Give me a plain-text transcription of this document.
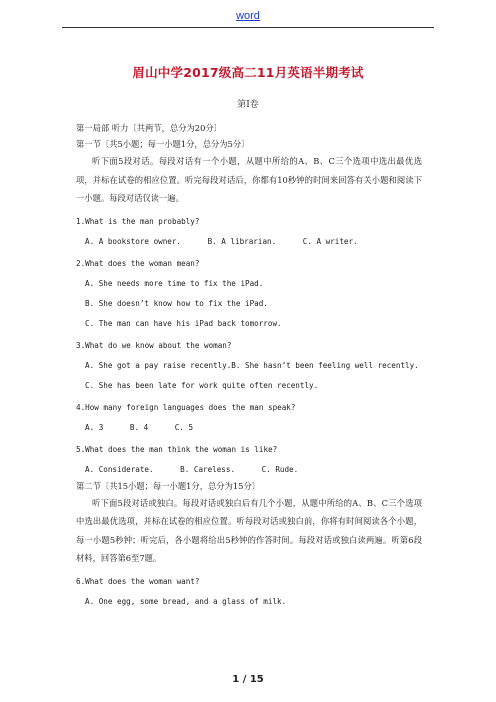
word
眉山中学2017级高二11月英语半期考试
第Ⅰ卷
第一局部 听力〔共两节，总分为20分〕
第一节〔共5小题；每一小题1分，总分为5分〕
听下面5段对话。每段对话有一个小题，从题中所给的A、B、C三个选项中选出最优选项，并标在试卷的相应位置。听完每段对话后，你都有10秒钟的时间来回答有关小题和阅读下一小题。每段对话仅读一遍。
1.What is the man probably?
A. A bookstore owner.	B. A librarian.	C. A writer.
2.What does the woman mean?
A. She needs more time to fix the iPad.
B. She doesn’t know how to fix the iPad.
C. The man can have his iPad back tomorrow.
3.What do we know about the woman?
A. She got a pay raise recently.B. She hasn’t been feeling well recently.
C. She has been late for work quite often recently.
4.How many foreign languages does the man speak?
A. 3	B. 4	C. 5
5.What does the man think the woman is like?
A. Considerate.	B. Careless.	C. Rude.
第二节〔共15小题；每一小题1分，总分为15分〕
听下面5段对话或独白。每段对话或独白后有几个小题，从题中所给的A、B、C三个选项中选出最优选项，并标在试卷的相应位置。听每段对话或独白前，你将有时间阅读各个小题，每一小题5秒钟；听完后，各小题将给出5秒钟的作答时间。每段对话或独白读两遍。听第6段材料，回答第6至7题。
6.What does the woman want?
A. One egg, some bread, and a glass of milk.
1 / 15
